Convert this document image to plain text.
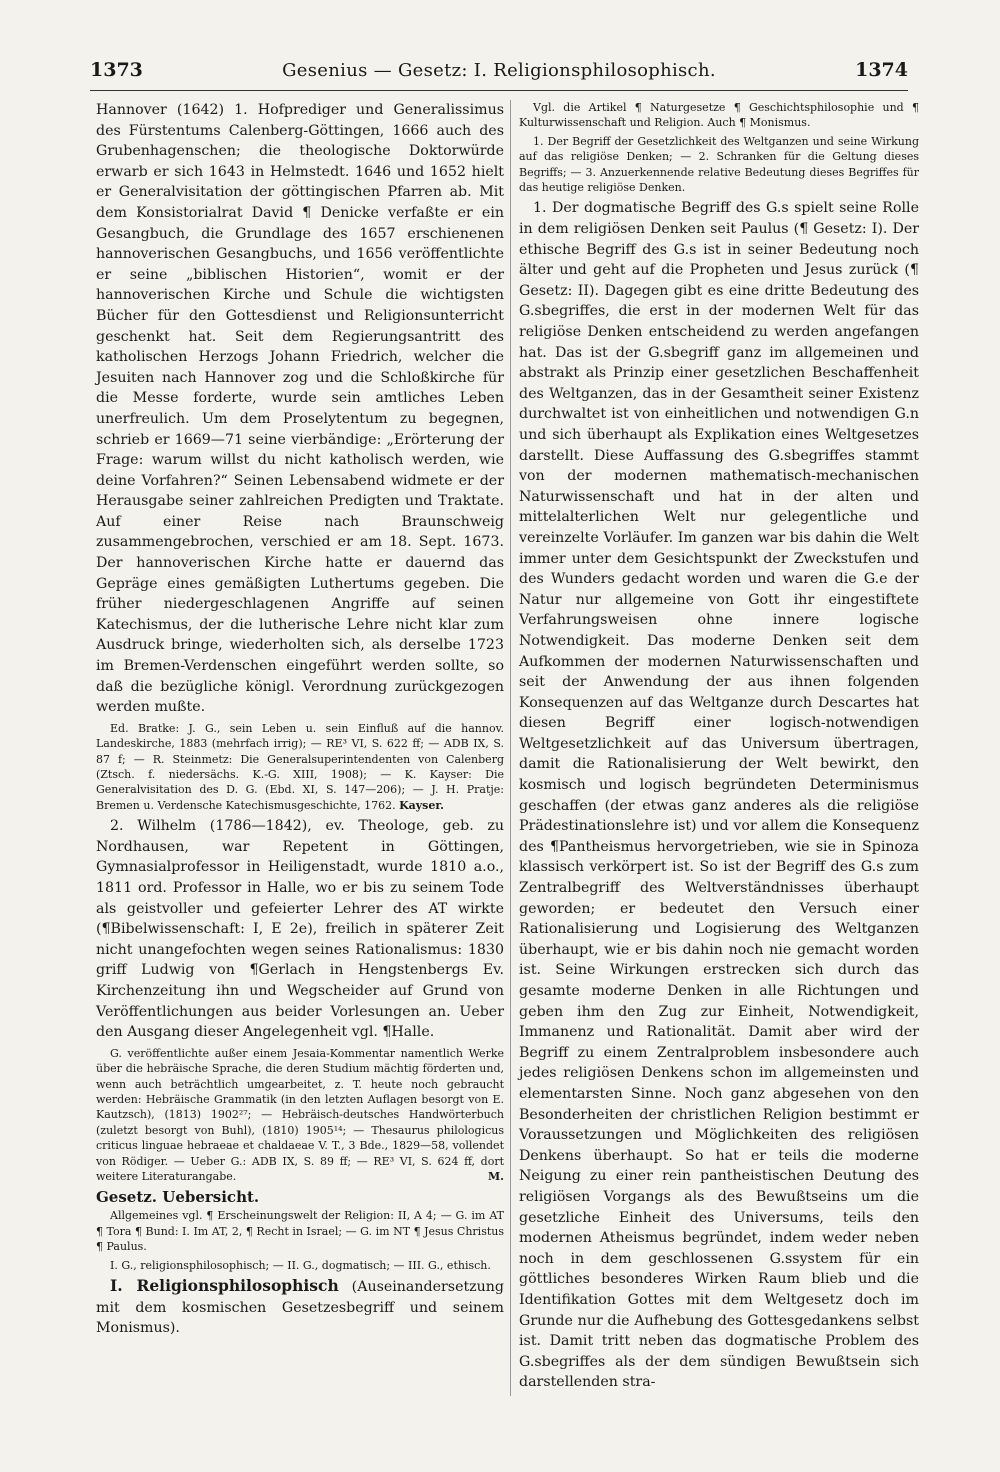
1373	Gesenius — Gesetz: I. Religionsphilosophisch.	1374

Hannover (1642) 1. Hofprediger und Generalissimus des Fürstentums Calenberg-Göttingen, 1666 auch des Grubenhagenschen; die theologische Doktorwürde erwarb er sich 1643 in Helmstedt. 1646 und 1652 hielt er Generalvisitation der göttingischen Pfarren ab. Mit dem Konsistorialrat David ¶ Denicke verfaßte er ein Gesangbuch, die Grundlage des 1657 erschienenen hannoverischen Gesangbuchs, und 1656 veröffentlichte er seine „biblischen Historien“, womit er der hannoverischen Kirche und Schule die wichtigsten Bücher für den Gottesdienst und Religionsunterricht geschenkt hat. Seit dem Regierungsantritt des katholischen Herzogs Johann Friedrich, welcher die Jesuiten nach Hannover zog und die Schloßkirche für die Messe forderte, wurde sein amtliches Leben unerfreulich. Um dem Proselytentum zu begegnen, schrieb er 1669—71 seine vierbändige: „Erörterung der Frage: warum willst du nicht katholisch werden, wie deine Vorfahren?“ Seinen Lebensabend widmete er der Herausgabe seiner zahlreichen Predigten und Traktate. Auf einer Reise nach Braunschweig zusammengebrochen, verschied er am 18. Sept. 1673. Der hannoverischen Kirche hatte er dauernd das Gepräge eines gemäßigten Luthertums gegeben. Die früher niedergeschlagenen Angriffe auf seinen Katechismus, der die lutherische Lehre nicht klar zum Ausdruck bringe, wiederholten sich, als derselbe 1723 im Bremen-Verdenschen eingeführt werden sollte, so daß die bezügliche königl. Verordnung zurückgezogen werden mußte.

Ed. Bratke: J. G., sein Leben u. sein Einfluß auf die hannov. Landeskirche, 1883 (mehrfach irrig); — RE³ VI, S. 622 ff; — ADB IX, S. 87 f; — R. Steinmetz: Die Generalsuperintendenten von Calenberg (Ztsch. f. niedersächs. K.-G. XIII, 1908); — K. Kayser: Die Generalvisitation des D. G. (Ebd. XI, S. 147—206); — J. H. Pratje: Bremen u. Verdensche Katechismusgeschichte, 1762. Kayser.

2. Wilhelm (1786—1842), ev. Theologe, geb. zu Nordhausen, war Repetent in Göttingen, Gymnasialprofessor in Heiligenstadt, wurde 1810 a.o., 1811 ord. Professor in Halle, wo er bis zu seinem Tode als geistvoller und gefeierter Lehrer des AT wirkte (¶Bibelwissenschaft: I, E 2e), freilich in späterer Zeit nicht unangefochten wegen seines Rationalismus: 1830 griff Ludwig von ¶Gerlach in Hengstenbergs Ev. Kirchenzeitung ihn und Wegscheider auf Grund von Veröffentlichungen aus beider Vorlesungen an. Ueber den Ausgang dieser Angelegenheit vgl. ¶Halle.

G. veröffentlichte außer einem Jesaia-Kommentar namentlich Werke über die hebräische Sprache, die deren Studium mächtig förderten und, wenn auch beträchtlich umgearbeitet, z. T. heute noch gebraucht werden: Hebräische Grammatik (in den letzten Auflagen besorgt von E. Kautzsch), (1813) 1902²⁷; — Hebräisch-deutsches Handwörterbuch (zuletzt besorgt von Buhl), (1810) 1905¹⁴; — Thesaurus philologicus criticus linguae hebraeae et chaldaeae V. T., 3 Bde., 1829—58, vollendet von Rödiger. — Ueber G.: ADB IX, S. 89 ff; — RE³ VI, S. 624 ff, dort weitere Literaturangabe.	M.

Gesetz. Uebersicht.

Allgemeines vgl. ¶ Erscheinungswelt der Religion: II, A 4; — G. im AT ¶ Tora ¶ Bund: I. Im AT, 2, ¶ Recht in Israel; — G. im NT ¶ Jesus Christus ¶ Paulus.

I. G., religionsphilosophisch; — II. G., dogmatisch; — III. G., ethisch.

I. Religionsphilosophisch (Auseinandersetzung mit dem kosmischen Gesetzesbegriff und seinem Monismus).

Vgl. die Artikel ¶ Naturgesetze ¶ Geschichtsphilosophie und ¶ Kulturwissenschaft und Religion. Auch ¶ Monismus.

1. Der Begriff der Gesetzlichkeit des Weltganzen und seine Wirkung auf das religiöse Denken; — 2. Schranken für die Geltung dieses Begriffs; — 3. Anzuerkennende relative Bedeutung dieses Begriffes für das heutige religiöse Denken.

1. Der dogmatische Begriff des G.s spielt seine Rolle in dem religiösen Denken seit Paulus (¶ Gesetz: I). Der ethische Begriff des G.s ist in seiner Bedeutung noch älter und geht auf die Propheten und Jesus zurück (¶ Gesetz: II). Dagegen gibt es eine dritte Bedeutung des G.sbegriffes, die erst in der modernen Welt für das religiöse Denken entscheidend zu werden angefangen hat. Das ist der G.sbegriff ganz im allgemeinen und abstrakt als Prinzip einer gesetzlichen Beschaffenheit des Weltganzen, das in der Gesamtheit seiner Existenz durchwaltet ist von einheitlichen und notwendigen G.n und sich überhaupt als Explikation eines Weltgesetzes darstellt. Diese Auffassung des G.sbegriffes stammt von der modernen mathematisch-mechanischen Naturwissenschaft und hat in der alten und mittelalterlichen Welt nur gelegentliche und vereinzelte Vorläufer. Im ganzen war bis dahin die Welt immer unter dem Gesichtspunkt der Zweckstufen und des Wunders gedacht worden und waren die G.e der Natur nur allgemeine von Gott ihr eingestiftete Verfahrungsweisen ohne innere logische Notwendigkeit. Das moderne Denken seit dem Aufkommen der modernen Naturwissenschaften und seit der Anwendung der aus ihnen folgenden Konsequenzen auf das Weltganze durch Descartes hat diesen Begriff einer logisch-notwendigen Weltgesetzlichkeit auf das Universum übertragen, damit die Rationalisierung der Welt bewirkt, den kosmisch und logisch begründeten Determinismus geschaffen (der etwas ganz anderes als die religiöse Prädestinationslehre ist) und vor allem die Konsequenz des ¶Pantheismus hervorgetrieben, wie sie in Spinoza klassisch verkörpert ist. So ist der Begriff des G.s zum Zentralbegriff des Weltverständnisses überhaupt geworden; er bedeutet den Versuch einer Rationalisierung und Logisierung des Weltganzen überhaupt, wie er bis dahin noch nie gemacht worden ist. Seine Wirkungen erstrecken sich durch das gesamte moderne Denken in alle Richtungen und geben ihm den Zug zur Einheit, Notwendigkeit, Immanenz und Rationalität. Damit aber wird der Begriff zu einem Zentralproblem insbesondere auch jedes religiösen Denkens schon im allgemeinsten und elementarsten Sinne. Noch ganz abgesehen von den Besonderheiten der christlichen Religion bestimmt er Voraussetzungen und Möglichkeiten des religiösen Denkens überhaupt. So hat er teils die moderne Neigung zu einer rein pantheistischen Deutung des religiösen Vorgangs als des Bewußtseins um die gesetzliche Einheit des Universums, teils den modernen Atheismus begründet, indem weder neben noch in dem geschlossenen G.ssystem für ein göttliches besonderes Wirken Raum blieb und die Identifikation Gottes mit dem Weltgesetz doch im Grunde nur die Aufhebung des Gottesgedankens selbst ist. Damit tritt neben das dogmatische Problem des G.sbegriffes als der dem sündigen Bewußtsein sich darstellenden stra-
